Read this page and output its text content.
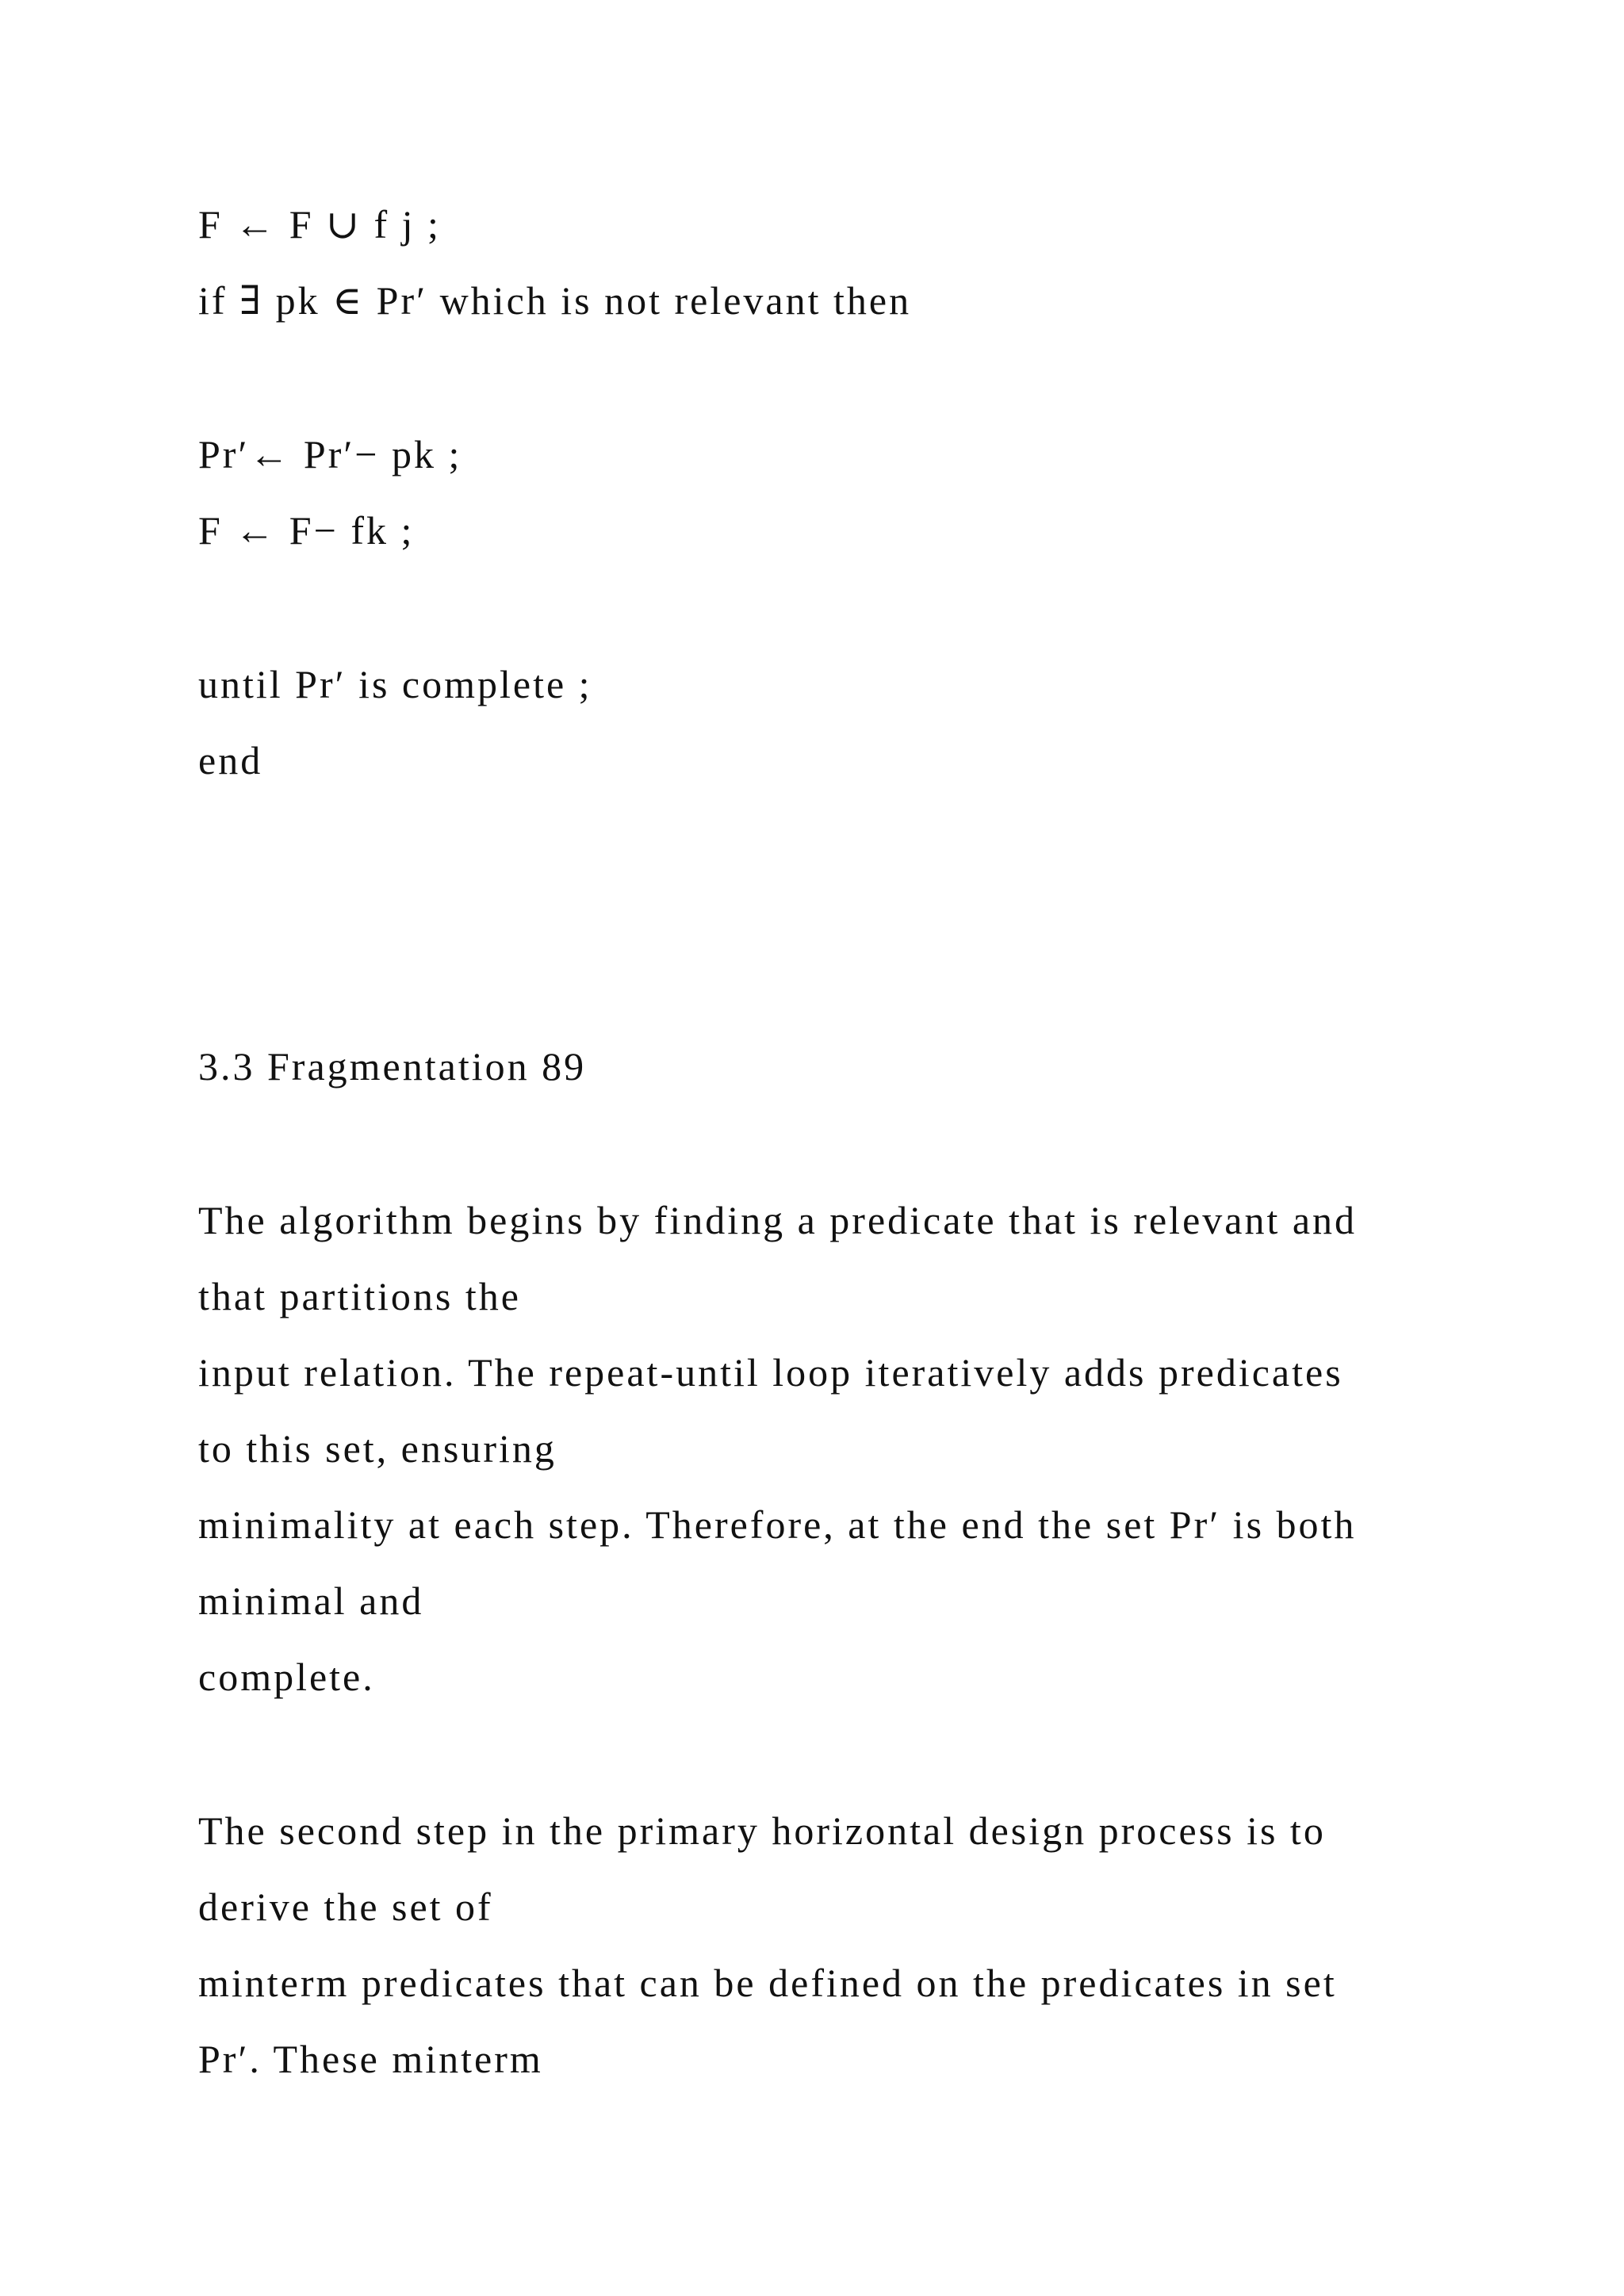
F ← F ∪ f j ;
if ∃ pk ∈ Pr′ which is not relevant then
Pr′← Pr′− pk ;
F ← F− fk ;
until Pr′ is complete ;
end
3.3 Fragmentation 89
The algorithm begins by finding a predicate that is relevant and
that partitions the
input relation. The repeat-until loop iteratively adds predicates
to this set, ensuring
minimality at each step. Therefore, at the end the set Pr′ is both
minimal and
complete.
The second step in the primary horizontal design process is to
derive the set of
minterm predicates that can be defined on the predicates in set
Pr′. These minterm
